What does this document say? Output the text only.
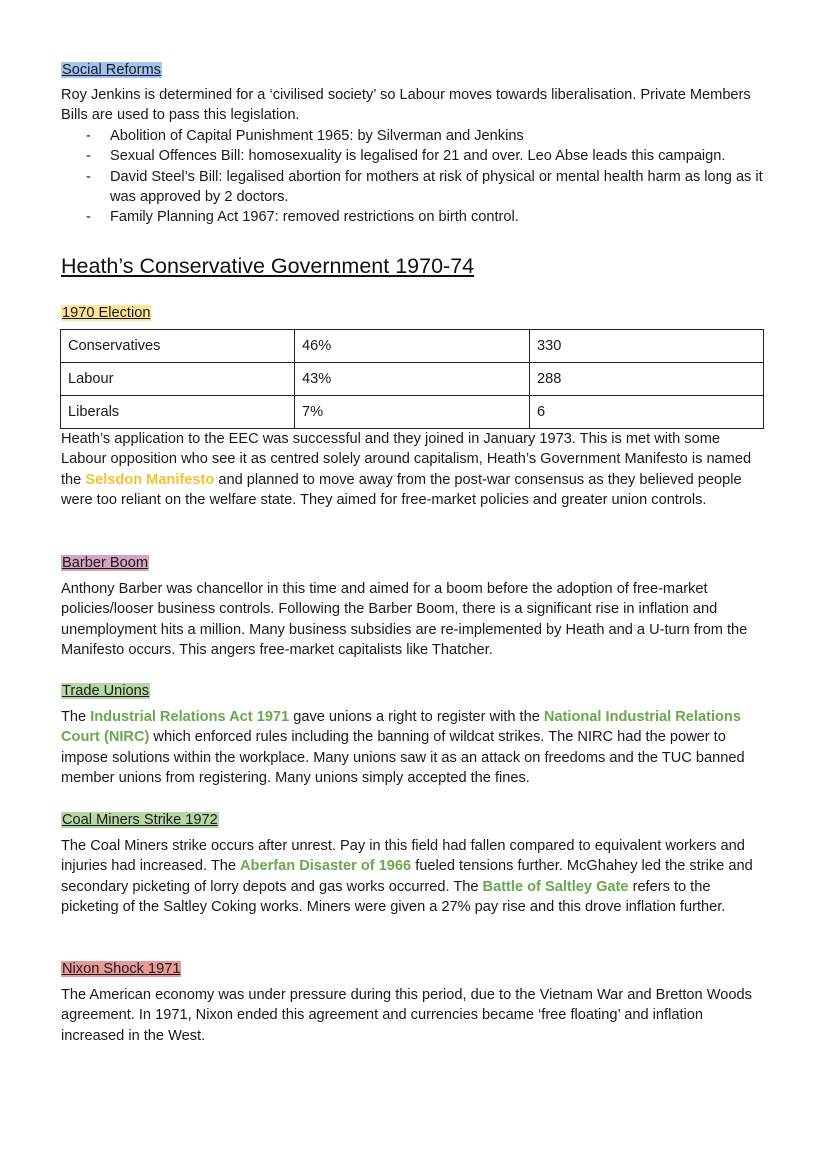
Social Reforms

Roy Jenkins is determined for a ‘civilised society’ so Labour moves towards liberalisation. Private Members Bills are used to pass this legislation.

- Abolition of Capital Punishment 1965: by Silverman and Jenkins
- Sexual Offences Bill: homosexuality is legalised for 21 and over. Leo Abse leads this campaign.
- David Steel’s Bill: legalised abortion for mothers at risk of physical or mental health harm as long as it was approved by 2 doctors.
- Family Planning Act 1967: removed restrictions on birth control.
Heath’s Conservative Government 1970-74
1970 Election
Conservatives	46%	330
Labour	43%	288
Liberals	7%	6

Heath’s application to the EEC was successful and they joined in January 1973. This is met with some Labour opposition who see it as centred solely around capitalism, Heath’s Government Manifesto is named the Selsdon Manifesto and planned to move away from the post-war consensus as they believed people were too reliant on the welfare state. They aimed for free-market policies and greater union controls.

Barber Boom

Anthony Barber was chancellor in this time and aimed for a boom before the adoption of free-market policies/looser business controls. Following the Barber Boom, there is a significant rise in inflation and unemployment hits a million. Many business subsidies are re-implemented by Heath and a U-turn from the Manifesto occurs. This angers free-market capitalists like Thatcher.

Trade Unions

The Industrial Relations Act 1971 gave unions a right to register with the National Industrial Relations Court (NIRC) which enforced rules including the banning of wildcat strikes. The NIRC had the power to impose solutions within the workplace. Many unions saw it as an attack on freedoms and the TUC banned member unions from registering. Many unions simply accepted the fines.

Coal Miners Strike 1972

The Coal Miners strike occurs after unrest. Pay in this field had fallen compared to equivalent workers and injuries had increased. The Aberfan Disaster of 1966 fueled tensions further. McGhahey led the strike and secondary picketing of lorry depots and gas works occurred. The Battle of Saltley Gate refers to the picketing of the Saltley Coking works. Miners were given a 27% pay rise and this drove inflation further.

Nixon Shock 1971

The American economy was under pressure during this period, due to the Vietnam War and Bretton Woods agreement. In 1971, Nixon ended this agreement and currencies became ‘free floating’ and inflation increased in the West.
